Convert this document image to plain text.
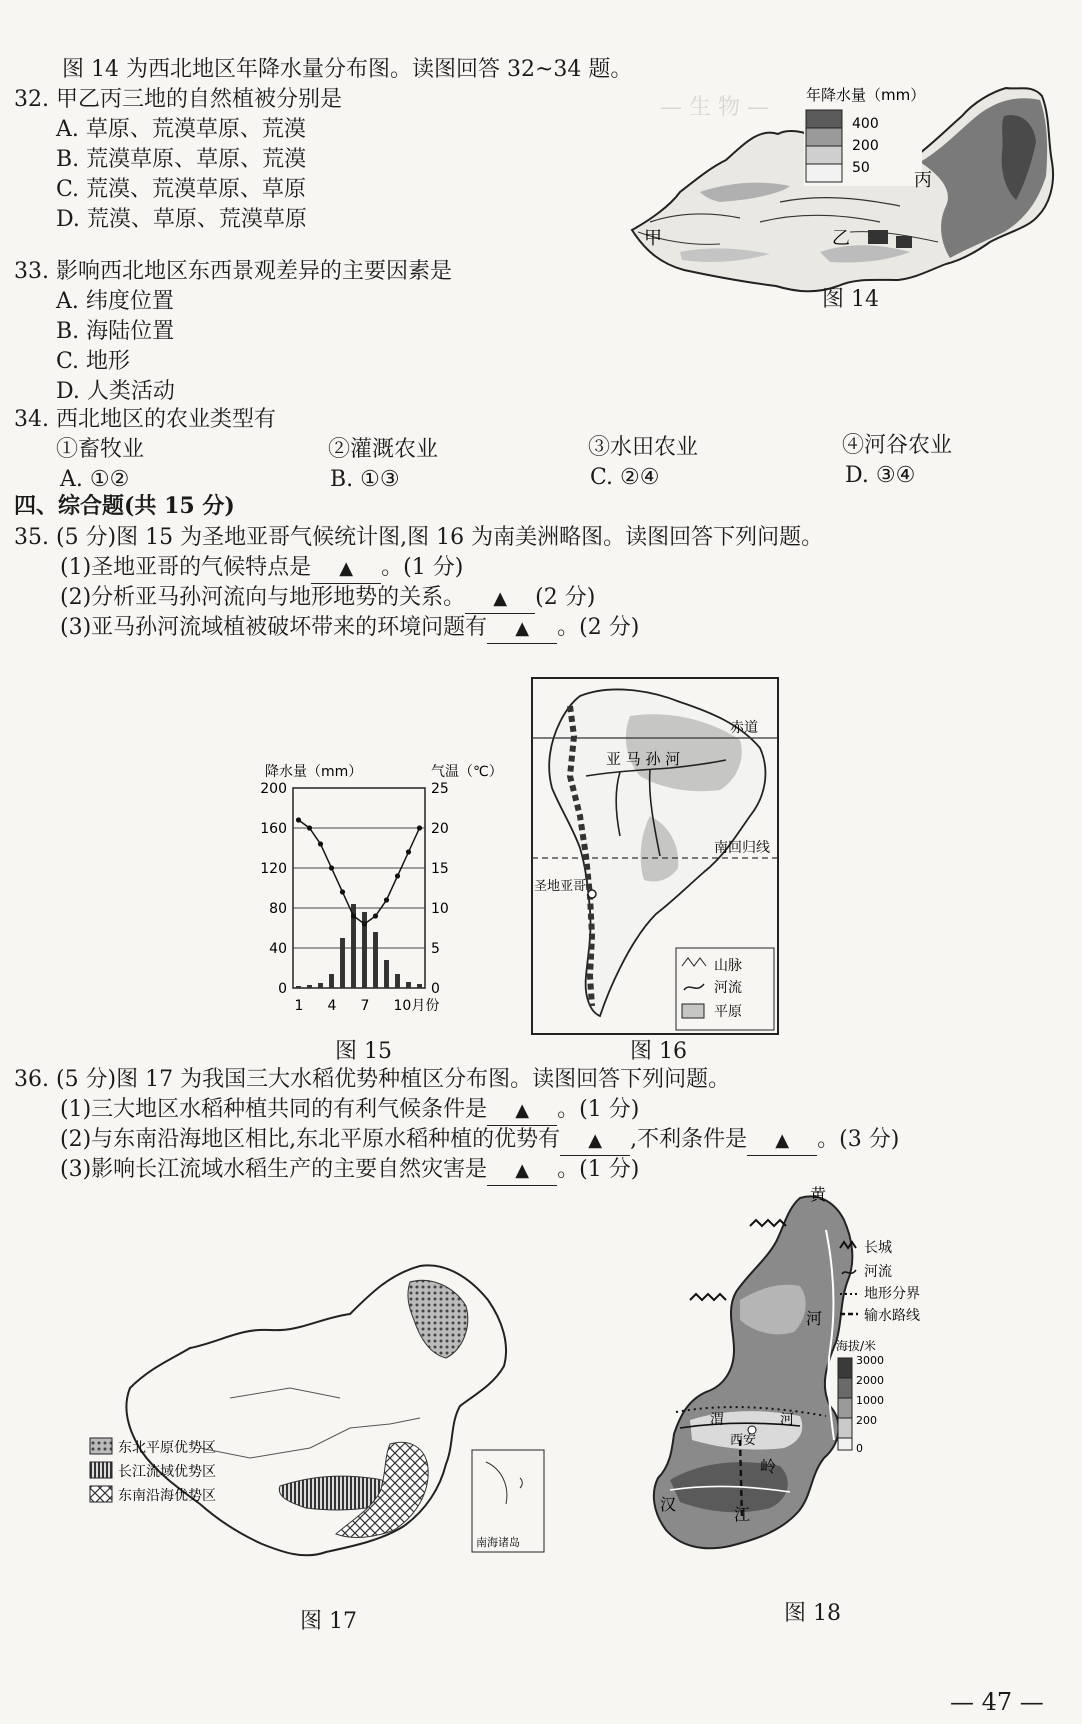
— 生 物 —
图 14 为西北地区年降水量分布图。读图回答 32~34 题。
32. 甲乙丙三地的自然植被分别是
A. 草原、荒漠草原、荒漠
B. 荒漠草原、草原、荒漠
C. 荒漠、荒漠草原、草原
D. 荒漠、草原、荒漠草原
33. 影响西北地区东西景观差异的主要因素是
A. 纬度位置
B. 海陆位置
C. 地形
D. 人类活动
34. 西北地区的农业类型有
①畜牧业	②灌溉农业	③水田农业	④河谷农业
A. ①②	B. ①③	C. ②④	D. ③④
年降水量（mm）
400
200
50
甲	乙
丙
图 14
四、综合题(共 15 分)
35. (5 分)图 15 为圣地亚哥气候统计图,图 16 为南美洲略图。读图回答下列问题。
(1)圣地亚哥的气候特点是 ▲ 。(1 分)
(2)分析亚马孙河流向与地形地势的关系。 ▲ (2 分)
(3)亚马孙河流域植被破坏带来的环境问题有 ▲ 。(2 分)
降水量（mm）	气温（℃）
200
160
120
80
40
0
25
20
15
10
5
0
1 4 7 10月份
图 15
赤道
南回归线
亚 马 孙 河
圣地亚哥
山脉
河流
平原
图 16
36. (5 分)图 17 为我国三大水稻优势种植区分布图。读图回答下列问题。
(1)三大地区水稻种植共同的有利气候条件是 ▲ 。(1 分)
(2)与东南沿海地区相比,东北平原水稻种植的优势有 ▲ ,不利条件是 ▲ 。(3 分)
(3)影响长江流域水稻生产的主要自然灾害是 ▲ 。(1 分)
东北平原优势区
长江流域优势区
东南沿海优势区
南海诸岛
图 17
黄
河
渭
西安
河
岭
汉
江
长城
河流
地形分界
输水路线
海拔/米
3000
2000
1000
200
0
图 18
— 47 —
